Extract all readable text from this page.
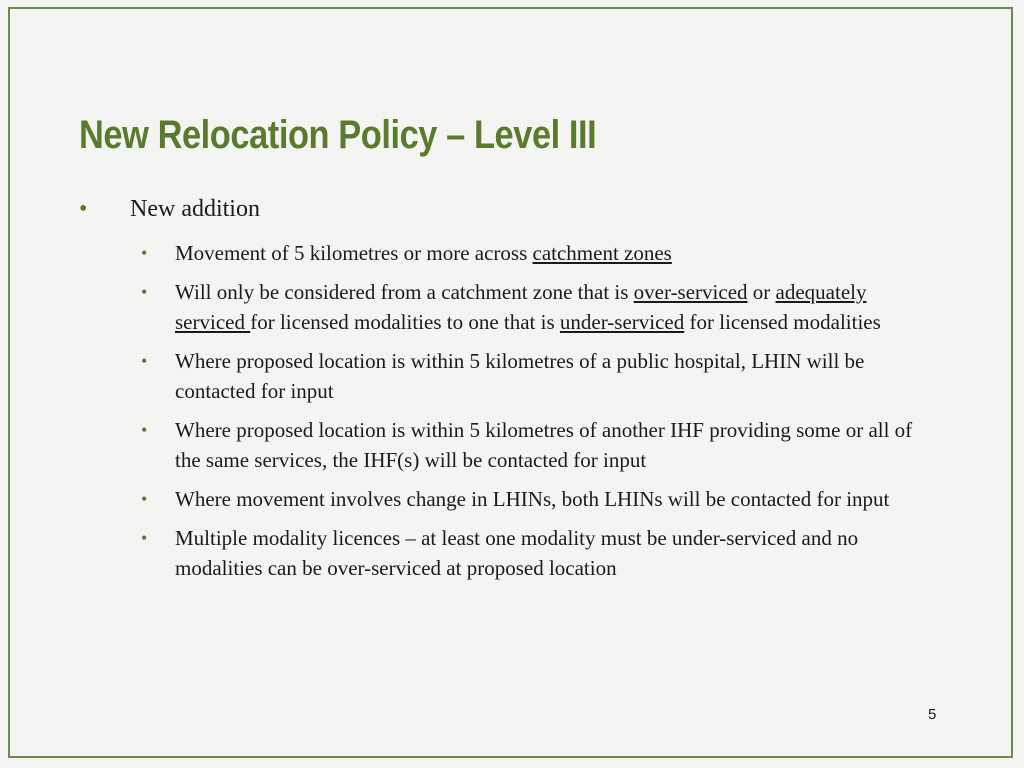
New Relocation Policy – Level III
• New addition
• Movement of 5 kilometres or more across catchment zones
• Will only be considered from a catchment zone that is over-serviced or adequately serviced for licensed modalities to one that is under-serviced for licensed modalities
• Where proposed location is within 5 kilometres of a public hospital, LHIN will be contacted for input
• Where proposed location is within 5 kilometres of another IHF providing some or all of the same services, the IHF(s) will be contacted for input
• Where movement involves change in LHINs, both LHINs will be contacted for input
• Multiple modality licences – at least one modality must be under-serviced and no modalities can be over-serviced at proposed location
5
